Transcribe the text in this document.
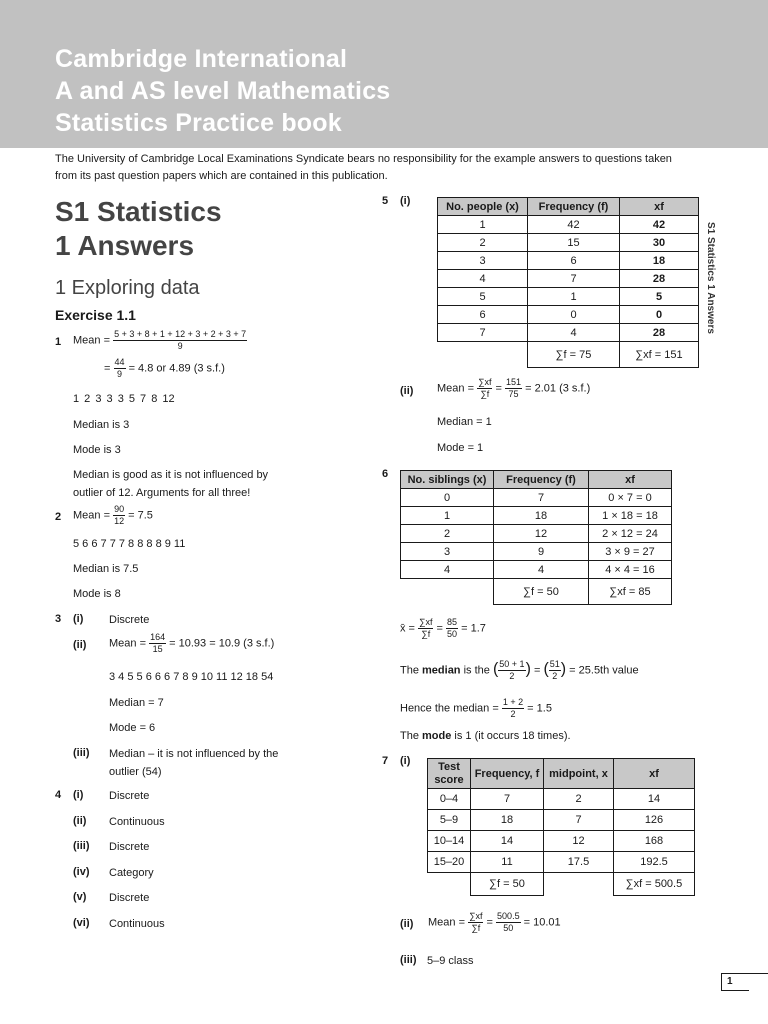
Cambridge International
A and AS level Mathematics
Statistics Practice book
The University of Cambridge Local Examinations Syndicate bears no responsibility for the example answers to questions taken from its past question papers which are contained in this publication.
S1 Statistics
1 Answers
1 Exploring data
Exercise 1.1
1 Mean = $\frac{5 + 3 + 8 + 1 + 12 + 3 + 2 + 3 + 7}{9}$
= $\frac{44}{9} = 4.8$ or 4.89 (3 s.f.)
1 2 3 3 3 5 7 8 12
Median is 3
Mode is 3
Median is good as it is not influenced by
outlier of 12. Arguments for all three!
2 Mean = $\frac{90}{12} = 7.5$
5 6 6 7 7 7 8 8 8 8 9 11
Median is 7.5
Mode is 8
3 (i) Discrete
(ii) Mean = $\frac{164}{15} = 10.93 = 10.9$ (3 s.f.)
3 4 5 5 6 6 6 7 8 9 10 11 12 18 54
Median = 7
Mode = 6
(iii) Median – it is not influenced by the
outlier (54)
4 (i) Discrete
(ii) Continuous
(iii) Discrete
(iv) Category
(v) Discrete
(vi) Continuous
5 (i)	No. people (x)	Frequency (f)	xf
1	42	42
2	15	30
3	6	18
4	7	28
5	1	5
6	0	0
7	4	28
	∑f = 75	∑xf = 151
(ii) Mean = $\frac{\sum xf}{\sum f} = \frac{151}{75} = 2.01$ (3 s.f.)
Median = 1
Mode = 1
6 No. siblings (x)	Frequency (f)	xf
0	7	0 × 7 = 0
1	18	1 × 18 = 18
2	12	2 × 12 = 24
3	9	3 × 9 = 27
4	4	4 × 4 = 16
	∑f = 50	∑xf = 85
x̄ = $\frac{\sum xf}{\sum f} = \frac{85}{50} = 1.7$
The median is the ( $\frac{50 + 1}{2}$ ) = ( $\frac{51}{2}$ ) = 25.5th value
Hence the median = $\frac{1 + 2}{2} = 1.5$
The mode is 1 (it occurs 18 times).
7 (i)	Test score	Frequency, f	midpoint, x	xf
0–4	7	2	14
5–9	18	7	126
10–14	14	12	168
15–20	11	17.5	192.5
	∑f = 50		∑xf = 500.5
(ii) Mean = $\frac{\sum xf}{\sum f} = \frac{500.5}{50} = 10.01$
(iii) 5–9 class
S1 Statistics 1 Answers
1
